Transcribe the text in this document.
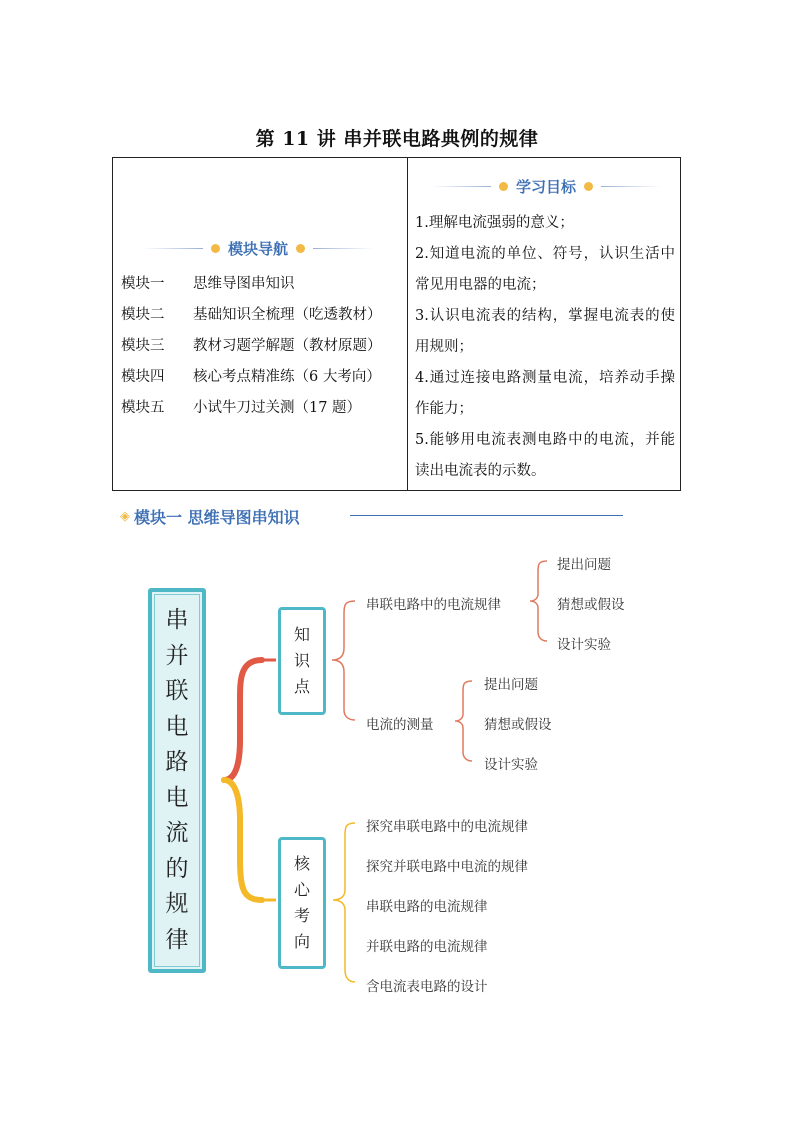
第 11 讲 串并联电路典例的规律
模块导航
模块一	思维导图串知识
模块二	基础知识全梳理（吃透教材）
模块三	教材习题学解题（教材原题）
模块四	核心考点精准练（6 大考向）
模块五	小试牛刀过关测（17 题）
学习目标
1.理解电流强弱的意义；
2.知道电流的单位、符号，认识生活中常见用电器的电流；
3.认识电流表的结构，掌握电流表的使用规则；
4.通过连接电路测量电流，培养动手操作能力；
5.能够用电流表测电路中的电流，并能读出电流表的示数。
◈ 模块一 思维导图串知识
串
并
联
电
路
电
流
的
规
律
知
识
点
核
心
考
向
串联电路中的电流规律
提出问题
猜想或假设
设计实验
电流的测量
提出问题
猜想或假设
设计实验
探究串联电路中的电流规律
探究并联电路中电流的规律
串联电路的电流规律
并联电路的电流规律
含电流表电路的设计
